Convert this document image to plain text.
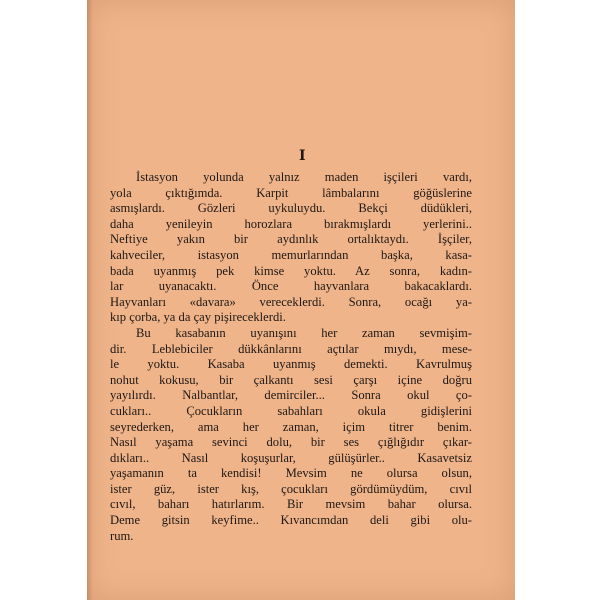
I
İstasyon yolunda yalnız maden işçileri vardı,
yola çıktığımda. Karpit lâmbalarını göğüslerine
asmışlardı. Gözleri uykuluydu. Bekçi düdükleri,
daha yenileyin horozlara bırakmışlardı yerlerini..
Neftiye yakın bir aydınlık ortalıktaydı. İşçiler,
kahveciler, istasyon memurlarından başka, kasa-
bada uyanmış pek kimse yoktu. Az sonra, kadın-
lar uyanacaktı. Önce hayvanlara bakacaklardı.
Hayvanları «davara» vereceklerdi. Sonra, ocağı ya-
kıp çorba, ya da çay pişireceklerdi.
Bu kasabanın uyanışını her zaman sevmişim-
dir. Leblebiciler dükkânlarını açtılar mıydı, mese-
le yoktu. Kasaba uyanmış demekti. Kavrulmuş
nohut kokusu, bir çalkantı sesi çarşı içine doğru
yayılırdı. Nalbantlar, demirciler... Sonra okul ço-
cukları.. Çocukların sabahları okula gidişlerini
seyrederken, ama her zaman, içim titrer benim.
Nasıl yaşama sevinci dolu, bir ses çığlığıdır çıkar-
dıkları.. Nasıl koşuşurlar, gülüşürler.. Kasavetsiz
yaşamanın ta kendisi! Mevsim ne olursa olsun,
ister güz, ister kış, çocukları gördümüydüm, cıvıl
cıvıl, baharı hatırlarım. Bir mevsim bahar olursa.
Deme gitsin keyfime.. Kıvancımdan deli gibi olu-
rum.
